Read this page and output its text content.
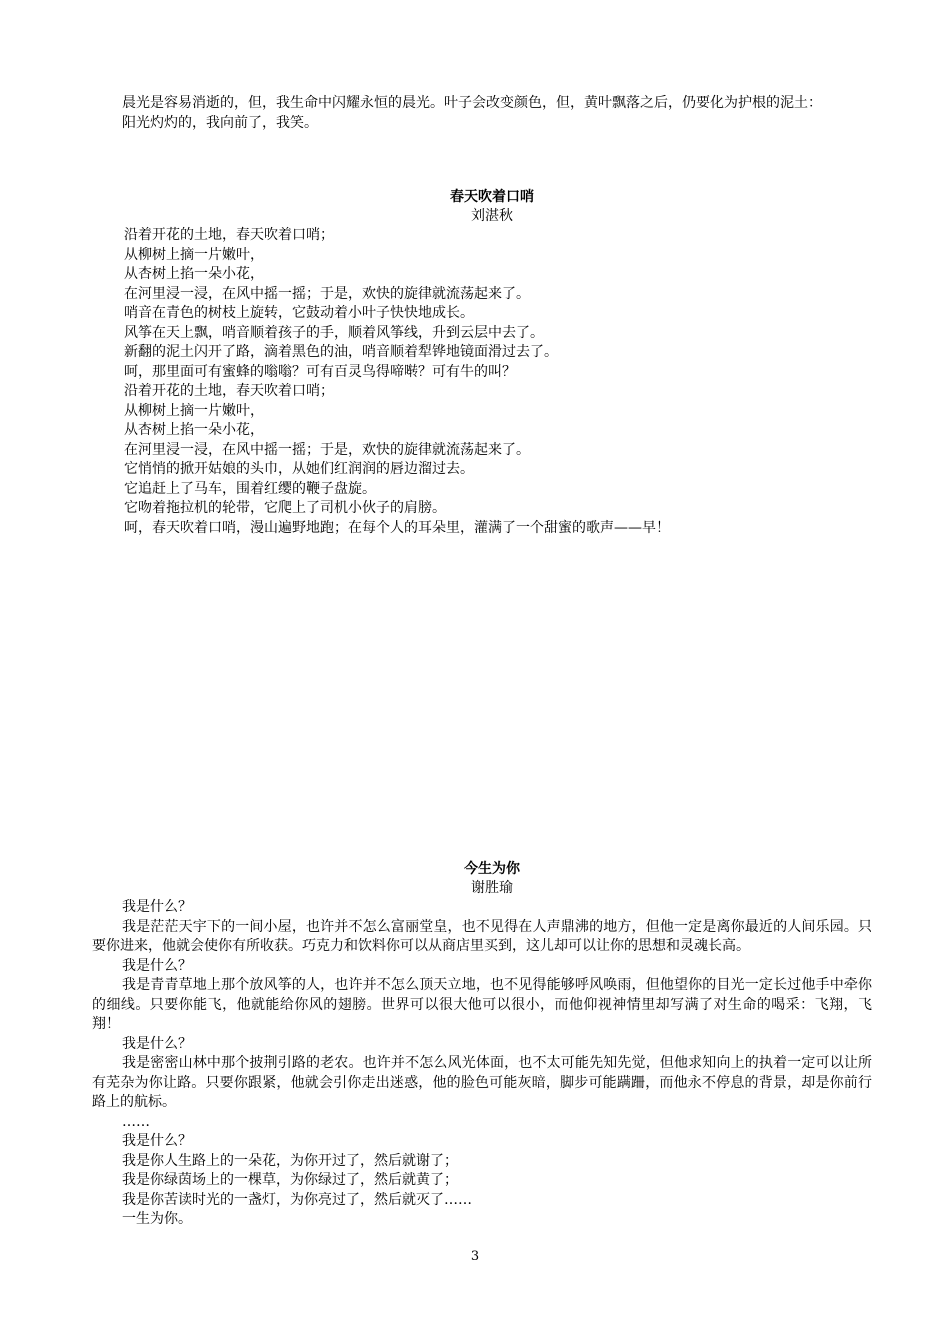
晨光是容易消逝的，但，我生命中闪耀永恒的晨光。叶子会改变颜色，但，黄叶飘落之后，仍要化为护根的泥土：

阳光灼灼的，我向前了，我笑。

春天吹着口哨

刘湛秋

沿着开花的土地，春天吹着口哨；

从柳树上摘一片嫩叶，

从杏树上掐一朵小花，

在河里浸一浸，在风中摇一摇；于是，欢快的旋律就流荡起来了。

哨音在青色的树枝上旋转，它鼓动着小叶子快快地成长。

风筝在天上飘，哨音顺着孩子的手，顺着风筝线，升到云层中去了。

新翻的泥土闪开了路，滴着黑色的油，哨音顺着犁铧地镜面滑过去了。

呵，那里面可有蜜蜂的嗡嗡？可有百灵鸟得啼啭？可有牛的叫？

沿着开花的土地，春天吹着口哨；

从柳树上摘一片嫩叶，

从杏树上掐一朵小花，

在河里浸一浸，在风中摇一摇；于是，欢快的旋律就流荡起来了。

它悄悄的掀开姑娘的头巾，从她们红润润的唇边溜过去。

它追赶上了马车，围着红缨的鞭子盘旋。

它吻着拖拉机的轮带，它爬上了司机小伙子的肩膀。

呵，春天吹着口哨，漫山遍野地跑；在每个人的耳朵里，灌满了一个甜蜜的歌声——早！

今生为你

谢胜瑜

我是什么？

我是茫茫天宇下的一间小屋，也许并不怎么富丽堂皇，也不见得在人声鼎沸的地方，但他一定是离你最近的人间乐园。只要你进来，他就会使你有所收获。巧克力和饮料你可以从商店里买到，这儿却可以让你的思想和灵魂长高。

我是什么？

我是青青草地上那个放风筝的人，也许并不怎么顶天立地，也不见得能够呼风唤雨，但他望你的目光一定长过他手中牵你的细线。只要你能飞，他就能给你风的翅膀。世界可以很大他可以很小，而他仰视神情里却写满了对生命的喝采：飞翔，飞翔！

我是什么？

我是密密山林中那个披荆引路的老农。也许并不怎么风光体面，也不太可能先知先觉，但他求知向上的执着一定可以让所有芜杂为你让路。只要你跟紧，他就会引你走出迷惑，他的脸色可能灰暗，脚步可能蹒跚，而他永不停息的背景，却是你前行路上的航标。

……

我是什么？

我是你人生路上的一朵花，为你开过了，然后就谢了；

我是你绿茵场上的一棵草，为你绿过了，然后就黄了；

我是你苦读时光的一盏灯，为你亮过了，然后就灭了……

一生为你。

3
